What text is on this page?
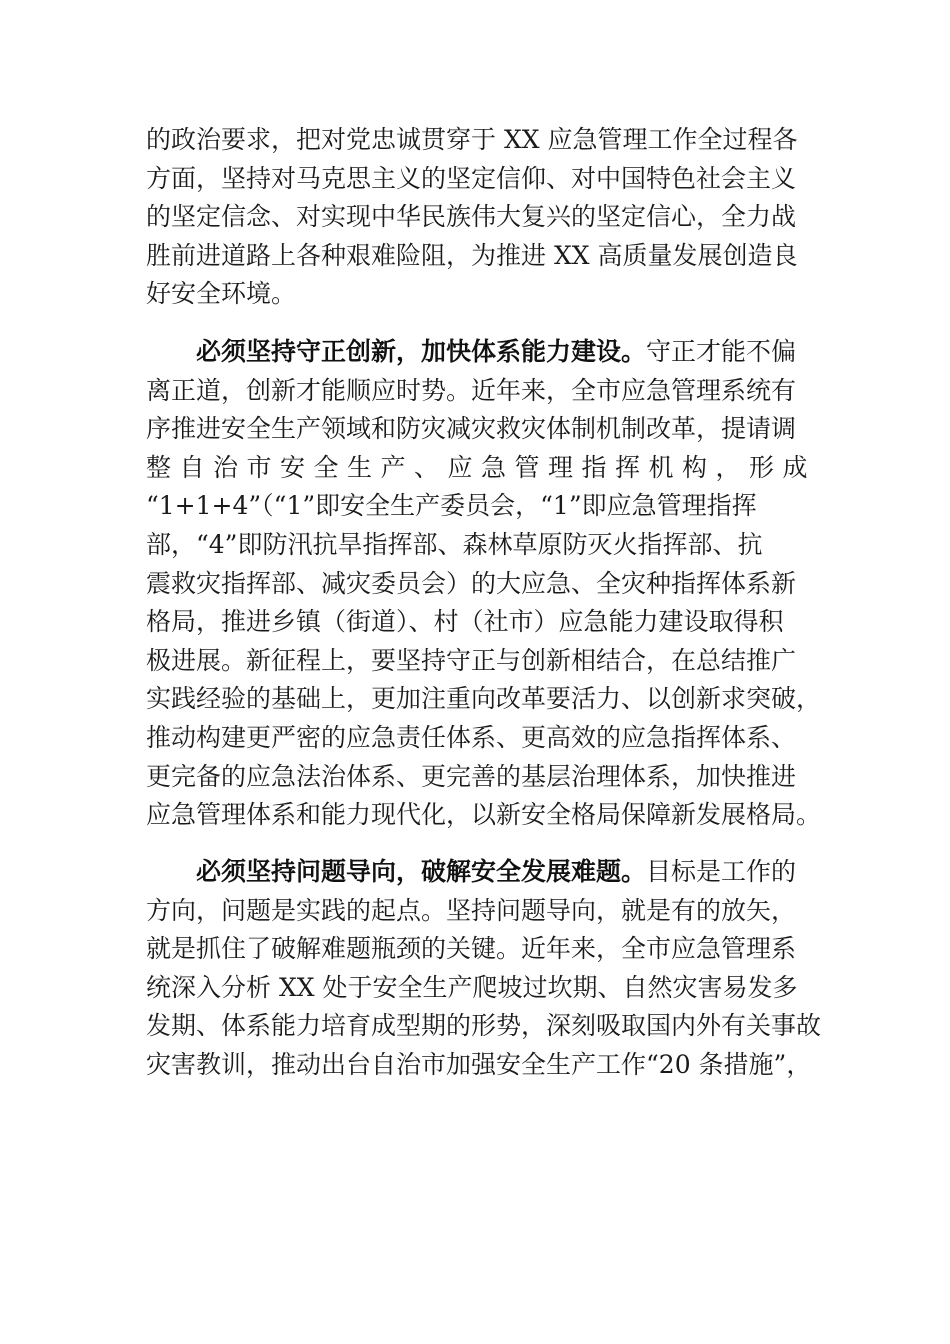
的政治要求，把对党忠诚贯穿于 XX 应急管理工作全过程各
方面，坚持对马克思主义的坚定信仰、对中国特色社会主义
的坚定信念、对实现中华民族伟大复兴的坚定信心，全力战
胜前进道路上各种艰难险阻，为推进 XX 高质量发展创造良
好安全环境。
必须坚持守正创新，加快体系能力建设。守正才能不偏
离正道，创新才能顺应时势。近年来，全市应急管理系统有
序推进安全生产领域和防灾减灾救灾体制机制改革，提请调
整自治市安全生产、应急管理指挥机构，形成
“1+1+4”（“1”即安全生产委员会，“1”即应急管理指挥
部，“4”即防汛抗旱指挥部、森林草原防灭火指挥部、抗
震救灾指挥部、减灾委员会）的大应急、全灾种指挥体系新
格局，推进乡镇（街道）、村（社市）应急能力建设取得积
极进展。新征程上，要坚持守正与创新相结合，在总结推广
实践经验的基础上，更加注重向改革要活力、以创新求突破，
推动构建更严密的应急责任体系、更高效的应急指挥体系、
更完备的应急法治体系、更完善的基层治理体系，加快推进
应急管理体系和能力现代化，以新安全格局保障新发展格局。
必须坚持问题导向，破解安全发展难题。目标是工作的
方向，问题是实践的起点。坚持问题导向，就是有的放矢，
就是抓住了破解难题瓶颈的关键。近年来，全市应急管理系
统深入分析 XX 处于安全生产爬坡过坎期、自然灾害易发多
发期、体系能力培育成型期的形势，深刻吸取国内外有关事故
灾害教训，推动出台自治市加强安全生产工作“20 条措施”，
